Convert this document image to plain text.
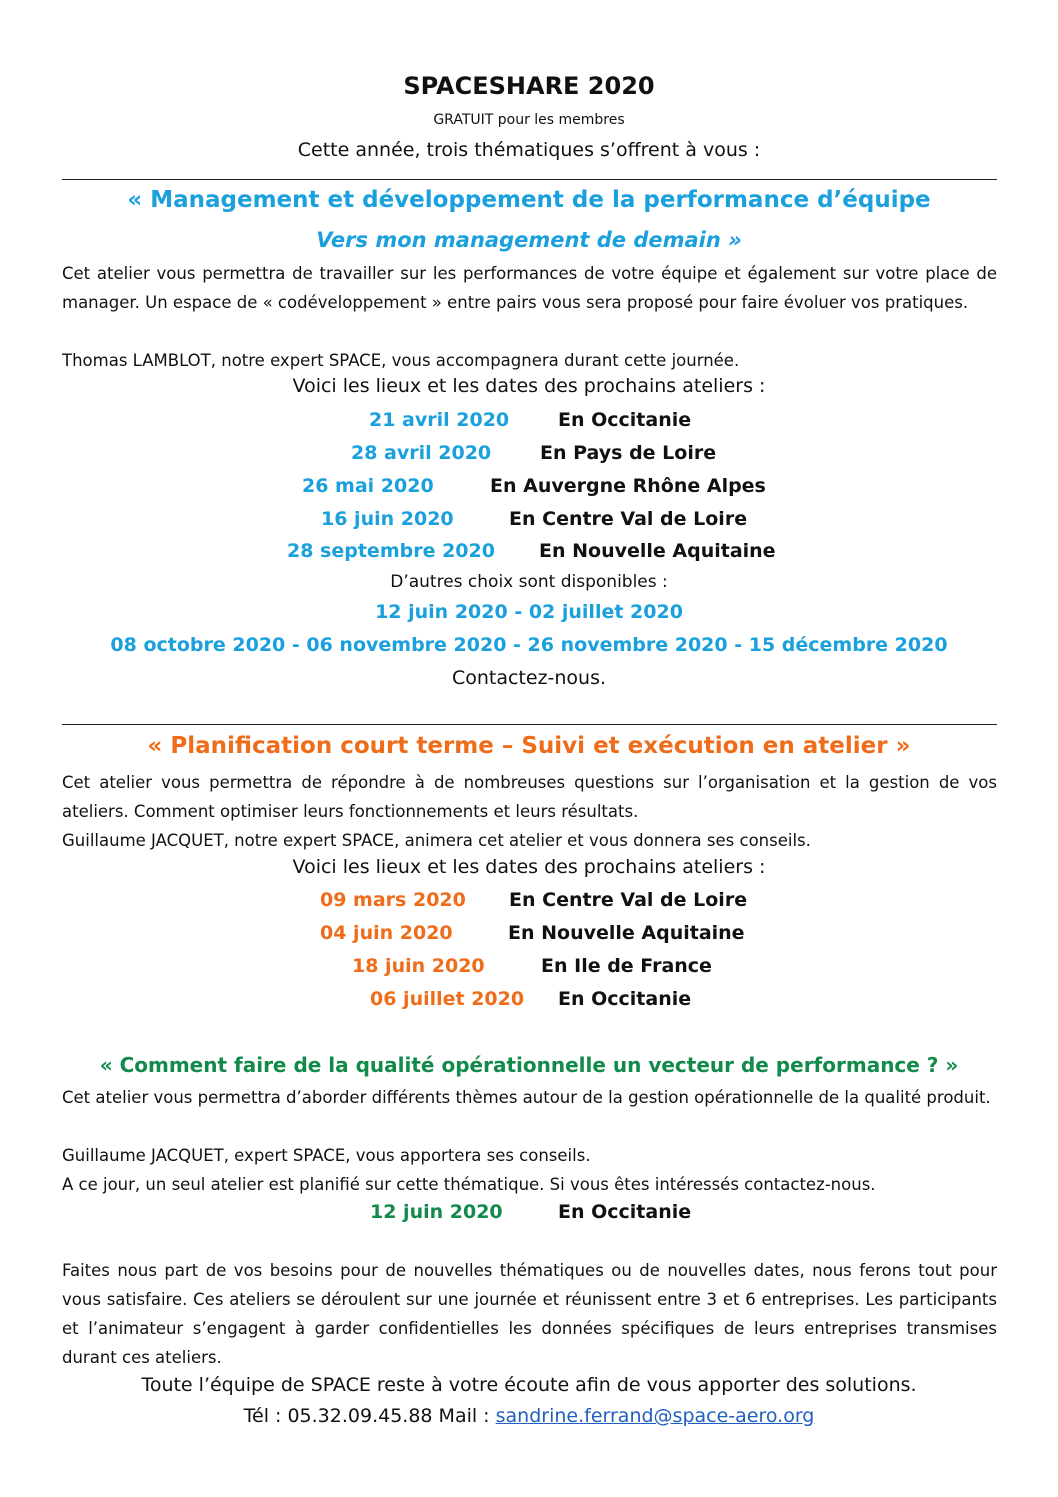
SPACESHARE 2020
GRATUIT pour les membres
Cette année, trois thématiques s’offrent à vous :
« Management et développement de la performance d’équipe
Vers mon management de demain »
Cet atelier vous permettra de travailler sur les performances de votre équipe et également sur votre place de manager. Un espace de « codéveloppement » entre pairs vous sera proposé pour faire évoluer vos pratiques.
Thomas LAMBLOT, notre expert SPACE, vous accompagnera durant cette journée.
Voici les lieux et les dates des prochains ateliers :
21 avril 2020	En Occitanie
28 avril 2020	En Pays de Loire
26 mai 2020	En Auvergne Rhône Alpes
16 juin 2020	En Centre Val de Loire
28 septembre 2020 En Nouvelle Aquitaine
D’autres choix sont disponibles :
12 juin 2020 - 02 juillet 2020
08 octobre 2020 - 06 novembre 2020 - 26 novembre 2020 - 15 décembre 2020
Contactez-nous.
« Planification court terme – Suivi et exécution en atelier »
Cet atelier vous permettra de répondre à de nombreuses questions sur l’organisation et la gestion de vos ateliers. Comment optimiser leurs fonctionnements et leurs résultats.
Guillaume JACQUET, notre expert SPACE, animera cet atelier et vous donnera ses conseils.
Voici les lieux et les dates des prochains ateliers :
09 mars 2020 En Centre Val de Loire
04 juin 2020	En Nouvelle Aquitaine
18 juin 2020	En Ile de France
06 juillet 2020 En Occitanie
« Comment faire de la qualité opérationnelle un vecteur de performance ? »
Cet atelier vous permettra d’aborder différents thèmes autour de la gestion opérationnelle de la qualité produit.
Guillaume JACQUET, expert SPACE, vous apportera ses conseils.
A ce jour, un seul atelier est planifié sur cette thématique. Si vous êtes intéressés contactez-nous.
12 juin 2020	En Occitanie
Faites nous part de vos besoins pour de nouvelles thématiques ou de nouvelles dates, nous ferons tout pour vous satisfaire. Ces ateliers se déroulent sur une journée et réunissent entre 3 et 6 entreprises. Les participants et l’animateur s’engagent à garder confidentielles les données spécifiques de leurs entreprises transmises durant ces ateliers.
Toute l’équipe de SPACE reste à votre écoute afin de vous apporter des solutions.
Tél : 05.32.09.45.88 Mail : sandrine.ferrand@space-aero.org
